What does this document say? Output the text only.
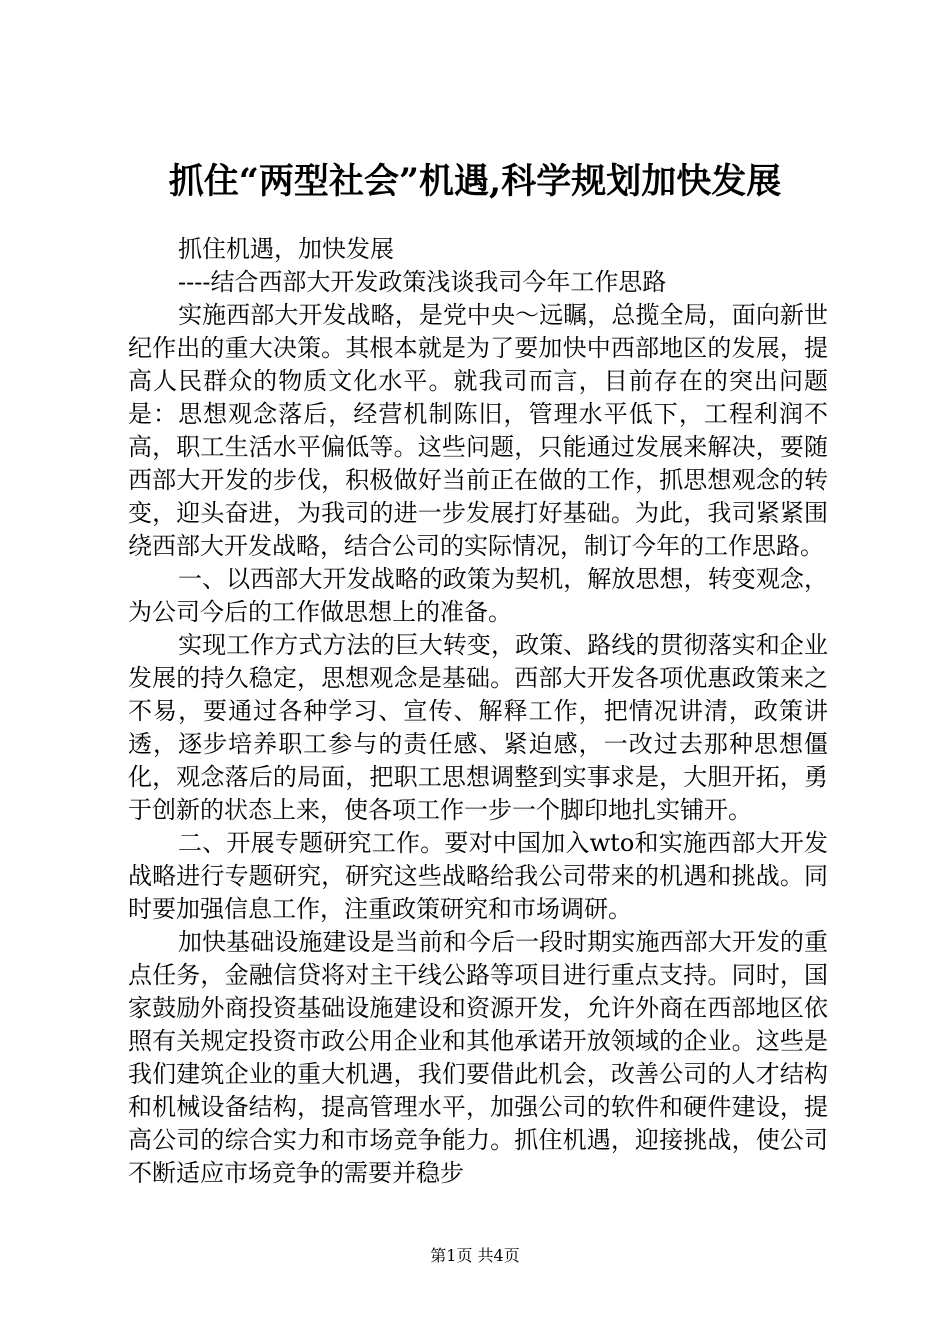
抓住“两型社会”机遇,科学规划加快发展

抓住机遇，加快发展

----结合西部大开发政策浅谈我司今年工作思路

实施西部大开发战略，是党中央～远瞩，总揽全局，面向新世纪作出的重大决策。其根本就是为了要加快中西部地区的发展，提高人民群众的物质文化水平。就我司而言，目前存在的突出问题是：思想观念落后，经营机制陈旧，管理水平低下，工程利润不高，职工生活水平偏低等。这些问题，只能通过发展来解决，要随西部大开发的步伐，积极做好当前正在做的工作，抓思想观念的转变，迎头奋进，为我司的进一步发展打好基础。为此，我司紧紧围绕西部大开发战略，结合公司的实际情况，制订今年的工作思路。

一、以西部大开发战略的政策为契机，解放思想，转变观念，为公司今后的工作做思想上的准备。

实现工作方式方法的巨大转变，政策、路线的贯彻落实和企业发展的持久稳定，思想观念是基础。西部大开发各项优惠政策来之不易，要通过各种学习、宣传、解释工作，把情况讲清，政策讲透，逐步培养职工参与的责任感、紧迫感，一改过去那种思想僵化，观念落后的局面，把职工思想调整到实事求是，大胆开拓，勇于创新的状态上来，使各项工作一步一个脚印地扎实铺开。

二、开展专题研究工作。要对中国加入wto和实施西部大开发战略进行专题研究，研究这些战略给我公司带来的机遇和挑战。同时要加强信息工作，注重政策研究和市场调研。

加快基础设施建设是当前和今后一段时期实施西部大开发的重点任务，金融信贷将对主干线公路等项目进行重点支持。同时，国家鼓励外商投资基础设施建设和资源开发，允许外商在西部地区依照有关规定投资市政公用企业和其他承诺开放领域的企业。这些是我们建筑企业的重大机遇，我们要借此机会，改善公司的人才结构和机械设备结构，提高管理水平，加强公司的软件和硬件建设，提高公司的综合实力和市场竞争能力。抓住机遇，迎接挑战，使公司不断适应市场竞争的需要并稳步

第1页 共4页
